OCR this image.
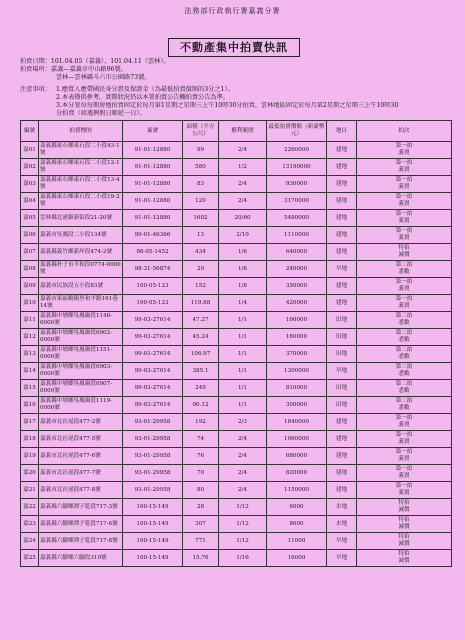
法務部行政執行署嘉義分署
不動產集中拍賣快訊
拍賣日期：101.04.05（嘉義）、101.04.11（雲林）。
拍賣場所：嘉義—嘉義市中山路96號。
雲林—雲林縣斗六市公園路73號。
注意事項： 1.應買人應帶國民身分證及保證金（為最低拍賣價額的3分之1）。
2.本表僅供參考，實際狀況仍以本署拍賣公告欄拍賣公告為準。
3.本分署每每期房地拍賣固定於每月第1星期之星期三上午10時30分拍賣，雲林地區固定於每月第2星期之星期三上午10時30
分拍賣（如遇例假日順延一日）。
編號	拍賣標的	案號	面積（平方公尺）	權利範圍	最低拍賣價額（新臺幣元）	地目	拍次
嘉01	嘉義縣東石鄉東石段二小段43-1號	91-01-12880	99	2/4	2260000	建地	第一拍
義賣
嘉02	嘉義縣東石鄉東石段二小段12-1號	91-01-12880	580	1/2	13190000	建地	第一拍
義賣
嘉03	嘉義縣東石鄉東石段二小段13-4號	91-01-12880	83	2/4	930000	建地	第一拍
義賣
嘉04	嘉義縣東石鄉東石段二小段19-2號	91-01-12880	120	2/4	3170000	建地	第一拍
義賣
嘉05	雲林縣北港鎮新街段21-20號	91-01-12880	1602	20/60	5480000	建地	第一拍
義賣
嘉06	嘉義市吳鳳段二小段134號	99-01-46366	13	2/10	1110000	建地	第一拍
義賣
嘉07	嘉義縣義竹鄉新岸段474-2號	98-05-1452	434	1/6	640000	建地	特拍
減價
嘉08	嘉義縣朴子市平和段0774-0000號	98-31-56874	29	1/6	240000	旱地	第二拍
悉數
嘉09	嘉義市民族段五小段83號	100-05-123	152	1/8	350000	建地	第一拍
義賣
嘉10	嘉義市東區鶴陽里和平路161巷14號	100-05-123	119.88	1/4	420000	建地	第一拍
義賣
嘉11	嘉義縣中埔鄉吳鳳廟段1146-0000號	99-03-27614	47.27	1/1	160000	田地	第二拍
悉數
嘉12	嘉義縣中埔鄉吳鳳廟段0902-0000號	99-03-27614	45.24	1/1	160000	田地	第二拍
悉數
嘉13	嘉義縣中埔鄉吳鳳廟段1151-0000號	99-03-27614	106.97	1/1	370000	田地	第二拍
悉數
嘉14	嘉義縣中埔鄉吳鳳廟段0903-0000號	99-03-27614	385.1	1/1	1300000	旱地	第二拍
悉數
嘉15	嘉義縣中埔鄉吳鳳廟段0907-0000號	99-03-27614	249	1/1	810000	田地	第二拍
悉數
嘉16	嘉義縣中埔鄉吳鳳廟段1119-0000號	99-03-27614	90.12	1/1	300000	田地	第二拍
悉數
嘉17	嘉義市北社尾段477-2號	93-01-29958	192	2/3	1840000	建地	第一拍
義賣
嘉18	嘉義市北社尾段477-5號	93-01-29958	74	2/4	1060000	建地	第一拍
義賣
嘉19	嘉義市北社尾段477-6號	93-01-29958	76	2/4	680000	建地	第一拍
義賣
嘉20	嘉義市北社尾段477-7號	93-01-29958	70	2/4	820000	建地	第一拍
義賣
嘉21	嘉義市北社尾段477-8號	93-01-29958	80	2/4	1150000	建地	第一拍
義賣
嘉22	嘉義縣六腳鄉潭子乾段717-3號	100-15-149	28	1/12	6000	水地	特拍
減價
嘉23	嘉義縣六腳鄉潭子乾段717-6號	100-15-149	307	1/12	8000	水地	特拍
減價
嘉24	嘉義縣六腳鄉潭子乾段717-8號	100-15-149	771	1/12	11000	旱地	特拍
減價
嘉25	嘉義縣六腳鄉六腳段310號	100-15-149	15.76	1/16	16000	旱地	特拍
減價
